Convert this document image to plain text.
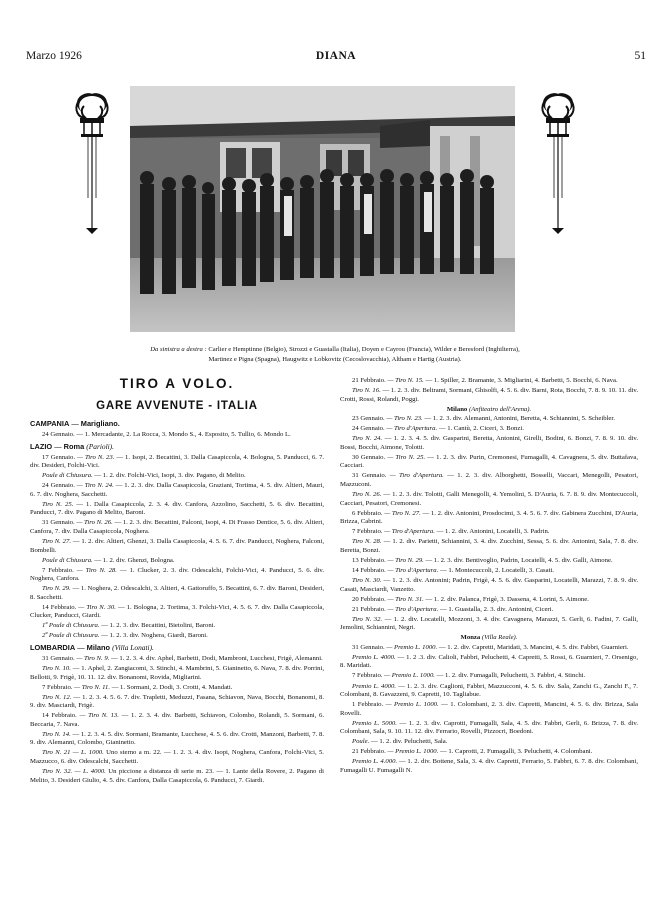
Marzo 1926	DIANA	51
Da sinistra a destra : Carlier e Hemptinne (Belgio), Strozzi e Guastalla (Italia), Doyen e Cayrou (Francia), Wilder e Beresford (Inghilterra),
Martinez e Pigna (Spagna), Haugwitz e Lobkovitz (Cecoslovacchia), Altham e Hartig (Austria).
TIRO A VOLO.
GARE AVVENUTE - ITALIA
CAMPANIA — Marigliano.

24 Gennaio. — 1. Mercadante, 2. La Rocca, 3. Mondo S., 4. Esposito, 5. Tullio, 6. Mondo L.

LAZIO — Roma (Parioli).

17 Gennaio. — Tiro N. 23. — 1. Isopi, 2. Becattini, 3. Dalla Casapiccola, 4. Bologna, 5. Panducci, 6. 7. div. Desideri, Folchi-Vici.

Poule di Chiusura. — 1. 2. div. Folchi-Vici, Isopi, 3. div. Pagano, di Melito.

24 Gennaio. — Tiro N. 24. — 1. 2. 3. div. Dalla Casapiccola, Graziani, Tortima, 4. 5. div. Altieri, Mauri, 6. 7. div. Noghera, Sacchetti.

Tiro N. 25. — 1. Dalla Casapiccola, 2. 3. 4. div. Canfora, Azzolino, Sacchetti, 5. 6. div. Becattini, Panducci, 7. div. Pagano di Melito, Baroni.

31 Gennaio. — Tiro N. 26. — 1. 2. 3. div. Becattini, Falconi, Isopi, 4. Di Frasso Dentice, 5. 6. div. Altieri, Canfora, 7. div. Dalla Casapiccola, Noghera.

Tiro N. 27. — 1. 2. div. Altieri, Ghenzi, 3. Dalla Casapiccola, 4. 5. 6. 7. div. Panducci, Noghera, Falconi, Bombelli.

Poule di Chiusura. — 1. 2. div. Ghenzi, Bologna.

7 Febbraio. — Tiro N. 28. — 1. Clucker, 2. 3. div. Odescalchi, Folchi-Vici, 4. Panducci, 5. 6. div. Noghera, Canfora.

Tiro N. 29. — 1. Noghera, 2. Odescalchi, 3. Altieri, 4. Gattoruffo, 5. Becattini, 6. 7. div. Baroni, Desideri, 8. Sacchetti.

14 Febbraio. — Tiro N. 30. — 1. Bologna, 2. Tortima, 3. Folchi-Vici, 4. 5. 6. 7. div. Dalla Casapiccola, Clucker, Panducci, Giardi.

1ª Poule di Chiusura. — 1. 2. 3. div. Becattini, Bietolini, Baroni.

2ª Poule di Chiusura. — 1. 2. 3. div. Noghera, Giardi, Baroni.

LOMBARDIA — Milano (Villa Lonati).

31 Gennaio. — Tiro N. 9. — 1. 2. 3. 4. div. Aphel, Barbetti, Dodi, Mambroni, Lucchesi, Frigè, Alemanni.

Tiro N. 10. — 1. Aphel, 2. Zangiacomi, 3. Stinchi, 4. Mambrini, 5. Gianinetto, 6. Nava, 7. 8. div. Porrini, Bellotti, 9. Frigè, 10. 11. 12. div. Bonanomi, Rovida, Migliarini.

7 Febbraio. — Tiro N. 11. — 1. Sormani, 2. Dodi, 3. Crotti, 4. Mandati.

Tiro N. 12. — 1. 2. 3. 4. 5. 6. 7. div. Trapletti, Meduzzi, Fasana, Schiavon, Nava, Bocchi, Bonanomi, 8. 9. div. Masciardi, Frigè.

14 Febbraio. — Tiro N. 13. — 1. 2. 3. 4. div. Barbetti, Schiavon, Colombo, Rolandi, 5. Sormani, 6. Beccaria, 7. Nava.

Tiro N. 14. — 1. 2. 3. 4. 5. div. Sormani, Bramante, Lucchese, 4. 5. 6. div. Crotti, Manzoni, Barbetti, 7. 8. 9. div. Alemanni, Colombo, Gianinetto.

Tiro N. 21 — L. 1000. Uno sterno a m. 22. — 1. 2. 3. 4. div. Isopi, Noghera, Canfora, Folchi-Vici, 5. Mazzucco, 6. div. Odescalchi, Sacchetti.

Tiro N. 32. — L. 4000. Un piccione a distanza di serie m. 23. — 1. Lante della Rovere, 2. Pagano di Melito, 3. Desideri Giulio, 4. 5. div. Canfora, Dalla Casapiccola, 6. Panducci, 7. Giardi.

21 Febbraio. — Tiro N. 15. — 1. Spiller, 2. Bramante, 3. Migliarini, 4. Barbetti, 5. Bocchi, 6. Nava.

Tiro N. 16. — 1. 2. 3. div. Beltrami, Sormani, Ghisolfi, 4. 5. 6. div. Barni, Rota, Bocchi, 7. 8. 9. 10. 11. div. Crotti, Rossi, Rolandi, Poggi.

Milano (Anfiteatro dell'Arena).

23 Gennaio. — Tiro N. 23. — 1. 2. 3. div. Alemanni, Antonini, Beretta, 4. Schiannini, 5. Scheibler.

24 Gennaio. — Tiro d'Apertura. — 1. Cantù, 2. Ciceri, 3. Bonzi.

Tiro N. 24. — 1. 2. 3. 4. 5. div. Gasparini, Beretta, Antonini, Girelli, Bodini, 6. Bonzi, 7. 8. 9. 10. div. Bossi, Bocchi, Aimone, Tolotti.

30 Gennaio. — Tiro N. 25. — 1. 2. 3. div. Purin, Cremonesi, Fumagalli, 4. Cavagnera, 5. div. Buttafava, Cacciari.

31 Gennaio. — Tiro d'Apertura. — 1. 2. 3. div. Alborghetti, Bosselli, Vaccari, Menegolli, Pesatori, Mazzuconi.

Tiro N. 26. — 1. 2. 3. div. Tolotti, Galli Menegolli, 4. Yemolini, 5. D'Auria, 6. 7. 8. 9. div. Montecuccoli, Cacciari, Pesatori, Cremonesi.

6 Febbraio. — Tiro N. 27. — 1. 2. div. Antonini, Prosdocimi, 3. 4. 5. 6. 7. div. Gabinera Zucchini, D'Auria, Brizza, Cabrini.

7 Febbraio. — Tiro d'Apertura. — 1. 2. div. Antonini, Locatelli, 3. Padrin.

Tiro N. 28. — 1. 2. div. Parietti, Schiannini, 3. 4. div. Zucchini, Sessa, 5. 6. div. Antonini, Sala, 7. 8. div. Beretta, Bonzi.

13 Febbraio. — Tiro N. 29. — 1. 2. 3. div. Bentivoglio, Padrin, Locatelli, 4. 5. div. Galli, Aimone.

14 Febbraio. — Tiro d'Apertura. — 1. Montecuccoli, 2. Locatelli, 3. Casati.

Tiro N. 30. — 1. 2. 3. div. Antonini; Padrin, Frigè, 4. 5. 6. div. Gasparini, Locatelli, Marazzi, 7. 8. 9. div. Casati, Masciardi, Vanzetto.

20 Febbraio. — Tiro N. 31. — 1. 2. div. Palanca, Frigè, 3. Dassena, 4. Lorini, 5. Aimone.

21 Febbraio. — Tiro d'Apertura. — 1. Guastalla, 2. 3. div. Antonini, Ciceri.

Tiro N. 32. — 1. 2. div. Locatelli, Mozzoni, 3. 4. div. Cavagnera, Marazzi, 5. Gerli, 6. Fadini, 7. Galli, Jemolini, Schiannini, Negri.

Monza (Villa Reale).

31 Gennaio. — Premio L. 1000. — 1. 2. div. Capretti, Maridati, 3. Mancini, 4. 5. div. Fabbri, Guarnieri.

Premio L. 4000. — 1. 2 .3. div. Calioli, Fabbri, Peluchetti, 4. Capretti, 5. Rossi, 6. Guarnieri, 7. Orsenigo, 8. Maridati.

7 Febbraio. — Premio L. 1000. — 1. 2. div. Fumagalli, Peluchetti, 3. Fabbri, 4. Stinchi.

Premio L. 4000. — 1. 2. 3. div. Caglioni, Fabbri, Mazzucconi, 4. 5. 6. div. Sala, Zanchi G., Zanchi F., 7. Colombani, 8. Gavazzeni, 9. Capretti, 10. Tagliabue.

1 Febbraio. — Premio L. 1000. — 1. Colombani, 2. 3. div. Capretti, Mancini, 4. 5. 6. div. Brizza, Sala Rovelli.

Premio L. 5000. — 1. 2. 3. div. Caprotti, Fumagalli, Sala, 4. 5. div. Fabbri, Gerli, 6. Brizza, 7. 8. div. Colombani, Sala, 9. 10. 11. 12. div. Ferrario, Rovelli, Pizzocri, Boedoni.

Poule. — 1. 2. div. Peluchetti, Sala.

21 Febbraio. — Premio L. 1000. — 1. Caprotti, 2. Fumagalli, 3. Peluchetti, 4. Colombani.

Premio L. 4.000. — 1. 2. div. Bottene, Sala, 3. 4. div. Capretti, Ferrario, 5. Fabbri, 6. 7. 8. div. Colombani, Fumagalli U. Fumagalli N.
